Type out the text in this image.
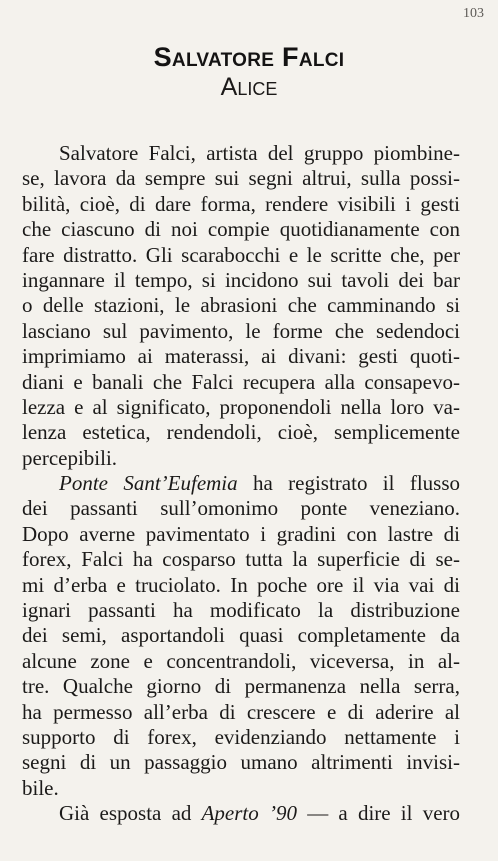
103
Salvatore Falci
Alice
Salvatore Falci, artista del gruppo piombine-
se, lavora da sempre sui segni altrui, sulla possi-
bilità, cioè, di dare forma, rendere visibili i gesti
che ciascuno di noi compie quotidianamente con
fare distratto. Gli scarabocchi e le scritte che, per
ingannare il tempo, si incidono sui tavoli dei bar
o delle stazioni, le abrasioni che camminando si
lasciano sul pavimento, le forme che sedendoci
imprimiamo ai materassi, ai divani: gesti quoti-
diani e banali che Falci recupera alla consapevo-
lezza e al significato, proponendoli nella loro va-
lenza estetica, rendendoli, cioè, semplicemente
percepibili.
Ponte Sant’Eufemia ha registrato il flusso
dei passanti sull’omonimo ponte veneziano.
Dopo averne pavimentato i gradini con lastre di
forex, Falci ha cosparso tutta la superficie di se-
mi d’erba e truciolato. In poche ore il via vai di
ignari passanti ha modificato la distribuzione
dei semi, asportandoli quasi completamente da
alcune zone e concentrandoli, viceversa, in al-
tre. Qualche giorno di permanenza nella serra,
ha permesso all’erba di crescere e di aderire al
supporto di forex, evidenziando nettamente i
segni di un passaggio umano altrimenti invisi-
bile.
Già esposta ad Aperto ’90 — a dire il vero
